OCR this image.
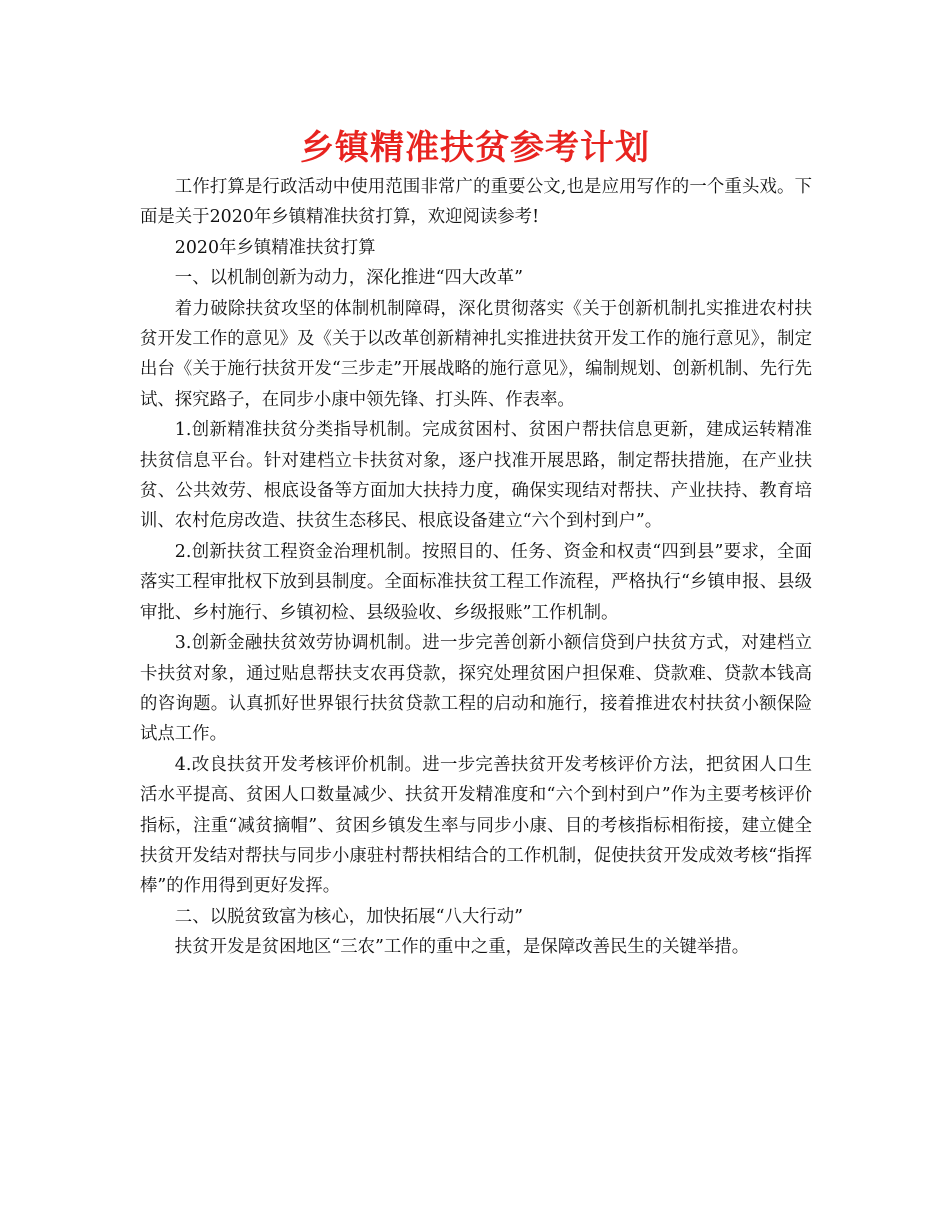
乡镇精准扶贫参考计划

工作打算是行政活动中使用范围非常广的重要公文,也是应用写作的一个重头戏。下面是关于2020年乡镇精准扶贫打算，欢迎阅读参考!

2020年乡镇精准扶贫打算

一、以机制创新为动力，深化推进“四大改革”

着力破除扶贫攻坚的体制机制障碍，深化贯彻落实《关于创新机制扎实推进农村扶贫开发工作的意见》及《关于以改革创新精神扎实推进扶贫开发工作的施行意见》，制定出台《关于施行扶贫开发“三步走”开展战略的施行意见》，编制规划、创新机制、先行先试、探究路子，在同步小康中领先锋、打头阵、作表率。

1.创新精准扶贫分类指导机制。完成贫困村、贫困户帮扶信息更新，建成运转精准扶贫信息平台。针对建档立卡扶贫对象，逐户找准开展思路，制定帮扶措施，在产业扶贫、公共效劳、根底设备等方面加大扶持力度，确保实现结对帮扶、产业扶持、教育培训、农村危房改造、扶贫生态移民、根底设备建立“六个到村到户”。

2.创新扶贫工程资金治理机制。按照目的、任务、资金和权责“四到县”要求，全面落实工程审批权下放到县制度。全面标准扶贫工程工作流程，严格执行“乡镇申报、县级审批、乡村施行、乡镇初检、县级验收、乡级报账”工作机制。

3.创新金融扶贫效劳协调机制。进一步完善创新小额信贷到户扶贫方式，对建档立卡扶贫对象，通过贴息帮扶支农再贷款，探究处理贫困户担保难、贷款难、贷款本钱高的咨询题。认真抓好世界银行扶贫贷款工程的启动和施行，接着推进农村扶贫小额保险试点工作。

4.改良扶贫开发考核评价机制。进一步完善扶贫开发考核评价方法，把贫困人口生活水平提高、贫困人口数量减少、扶贫开发精准度和“六个到村到户”作为主要考核评价指标，注重“减贫摘帽”、贫困乡镇发生率与同步小康、目的考核指标相衔接，建立健全扶贫开发结对帮扶与同步小康驻村帮扶相结合的工作机制，促使扶贫开发成效考核“指挥棒”的作用得到更好发挥。

二、以脱贫致富为核心，加快拓展“八大行动”

扶贫开发是贫困地区“三农”工作的重中之重，是保障改善民生的关键举措。
